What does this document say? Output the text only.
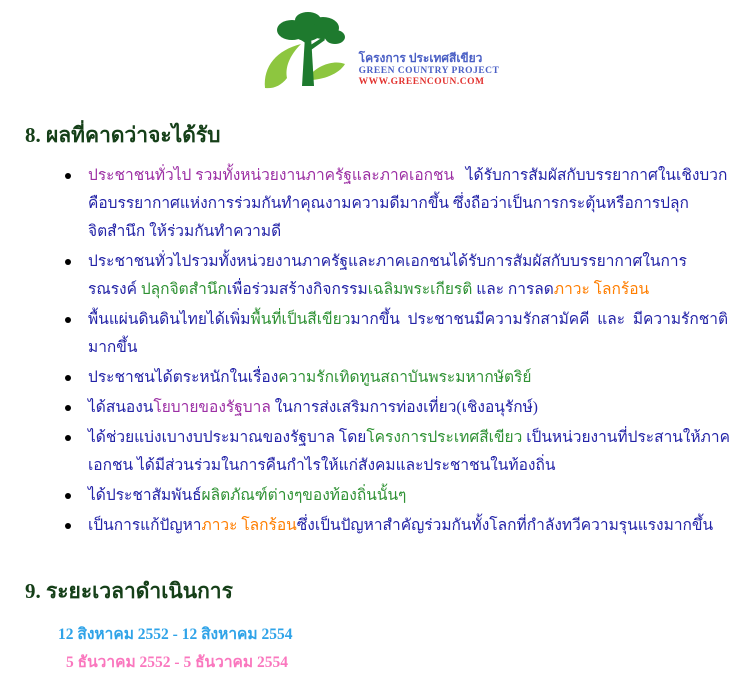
โครงการ ประเทศสีเขียว
GREEN COUNTRY PROJECT
WWW.GREENCOUN.COM
8. ผลที่คาดว่าจะได้รับ
ประชาชนทั่วไป รวมทั้งหน่วยงานภาครัฐและภาคเอกชน   ได้รับการสัมผัสกับบรรยากาศในเชิงบวก คือบรรยากาศแห่งการร่วมกันทำคุณงามความดีมากขึ้น ซึ่งถือว่าเป็นการกระตุ้นหรือการปลุกจิตสำนึก ให้ร่วมกันทำความดี
ประชาชนทั่วไปรวมทั้งหน่วยงานภาครัฐและภาคเอกชนได้รับการสัมผัสกับบรรยากาศในการรณรงค์ ปลุกจิตสำนึกเพื่อร่วมสร้างกิจกรรมเฉลิมพระเกียรติ และ การลดภาวะ โลกร้อน
พื้นแผ่นดินดินไทยได้เพิ่มพื้นที่เป็นสีเขียวมากขึ้น  ประชาชนมีความรักสามัคคี  และ  มีความรักชาติมากขึ้น
ประชาชนได้ตระหนักในเรื่องความรักเทิดทูนสถาบันพระมหากษัตริย์
ได้สนองนโยบายของรัฐบาล ในการส่งเสริมการท่องเที่ยว(เชิงอนุรักษ์)
ได้ช่วยแบ่งเบางบประมาณของรัฐบาล โดยโครงการประเทศสีเขียว เป็นหน่วยงานที่ประสานให้ภาคเอกชน ได้มีส่วนร่วมในการคืนกำไรให้แก่สังคมและประชาชนในท้องถิ่น
ได้ประชาสัมพันธ์ผลิตภัณฑ์ต่างๆของท้องถิ่นนั้นๆ
เป็นการแก้ปัญหาภาวะ โลกร้อนซึ่งเป็นปัญหาสำคัญร่วมกันทั้งโลกที่กำลังทวีความรุนแรงมากขึ้น
9. ระยะเวลาดำเนินการ
12 สิงหาคม 2552 - 12 สิงหาคม 2554
5 ธันวาคม 2552 - 5 ธันวาคม 2554
